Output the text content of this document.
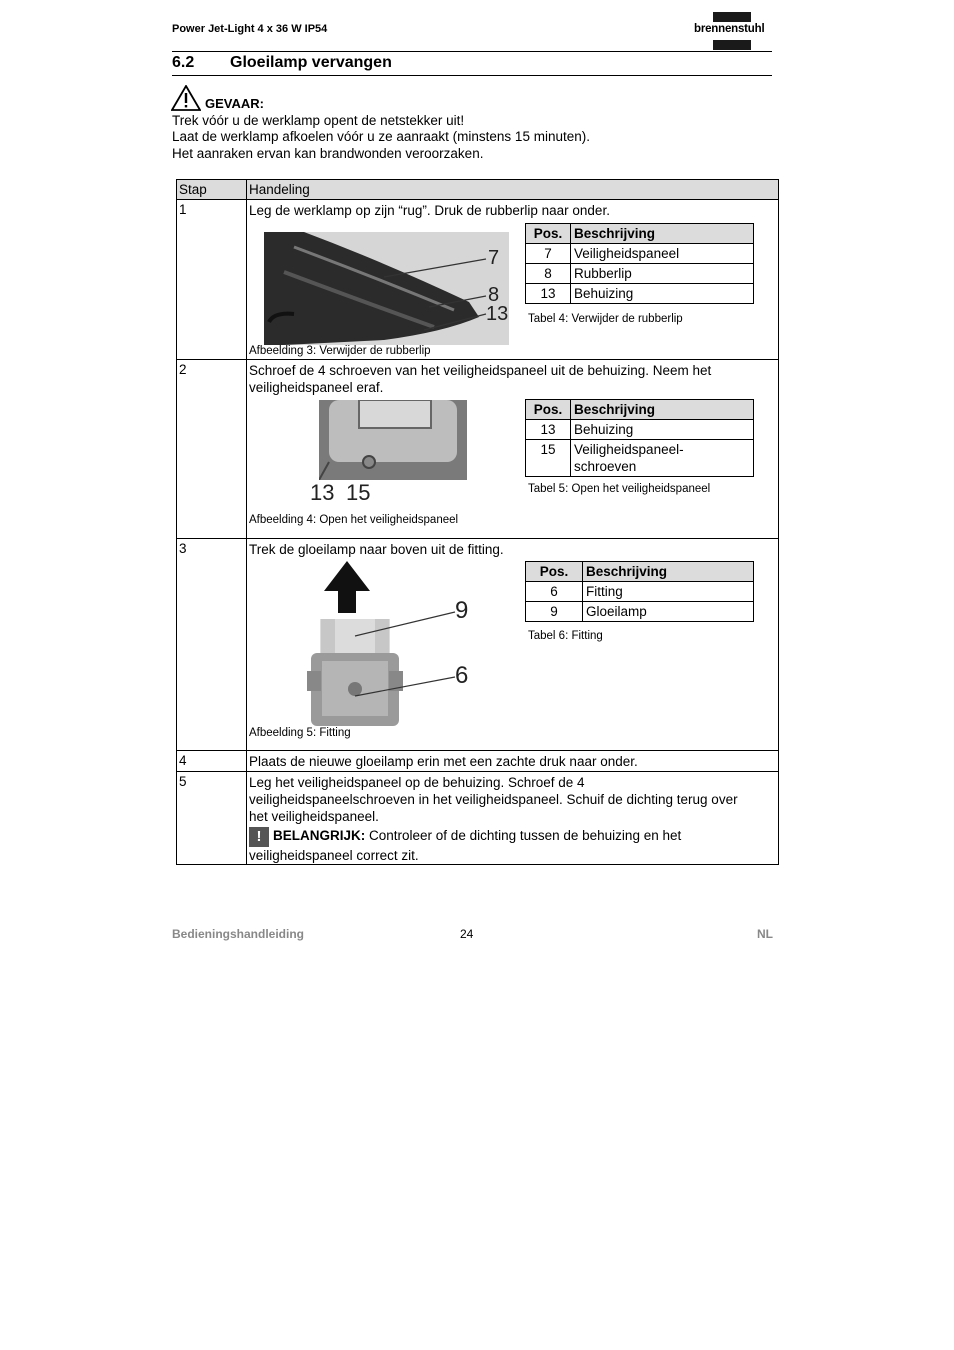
Power Jet-Light 4 x 36 W IP54	brennenstuhl
6.2 Gloeilamp vervangen
GEVAAR:
Trek vóór u de werklamp opent de netstekker uit!
Laat de werklamp afkoelen vóór u ze aanraakt (minstens 15 minuten).
Het aanraken ervan kan brandwonden veroorzaken.
Stap	Handeling
1	Leg de werklamp op zijn “rug”. Druk de rubberlip naar onder.
7
8
13
Afbeelding 3: Verwijder de rubberlip
Pos.	Beschrijving
7	Veiligheidspaneel
8	Rubberlip
13	Behuizing
Tabel 4: Verwijder de rubberlip

2	Schroef de 4 schroeven van het veiligheidspaneel uit de behuizing. Neem het
veiligheidspaneel eraf.
13 15
Afbeelding 4: Open het veiligheidspaneel
Pos.	Beschrijving
13	Behuizing
15	Veiligheidspaneel-
schroeven
Tabel 5: Open het veiligheidspaneel

3	Trek de gloeilamp naar boven uit de fitting.
9
6
Afbeelding 5: Fitting
Pos.	Beschrijving
6	Fitting
9	Gloeilamp
Tabel 6: Fitting

4	Plaats de nieuwe gloeilamp erin met een zachte druk naar onder.

5	Leg het veiligheidspaneel op de behuizing. Schroef de 4
veiligheidspaneelschroeven in het veiligheidspaneel. Schuif de dichting terug over
het veiligheidspaneel.
! BELANGRIJK: Controleer of de dichting tussen de behuizing en het
veiligheidspaneel correct zit.
Bedieningshandleiding	24	NL
